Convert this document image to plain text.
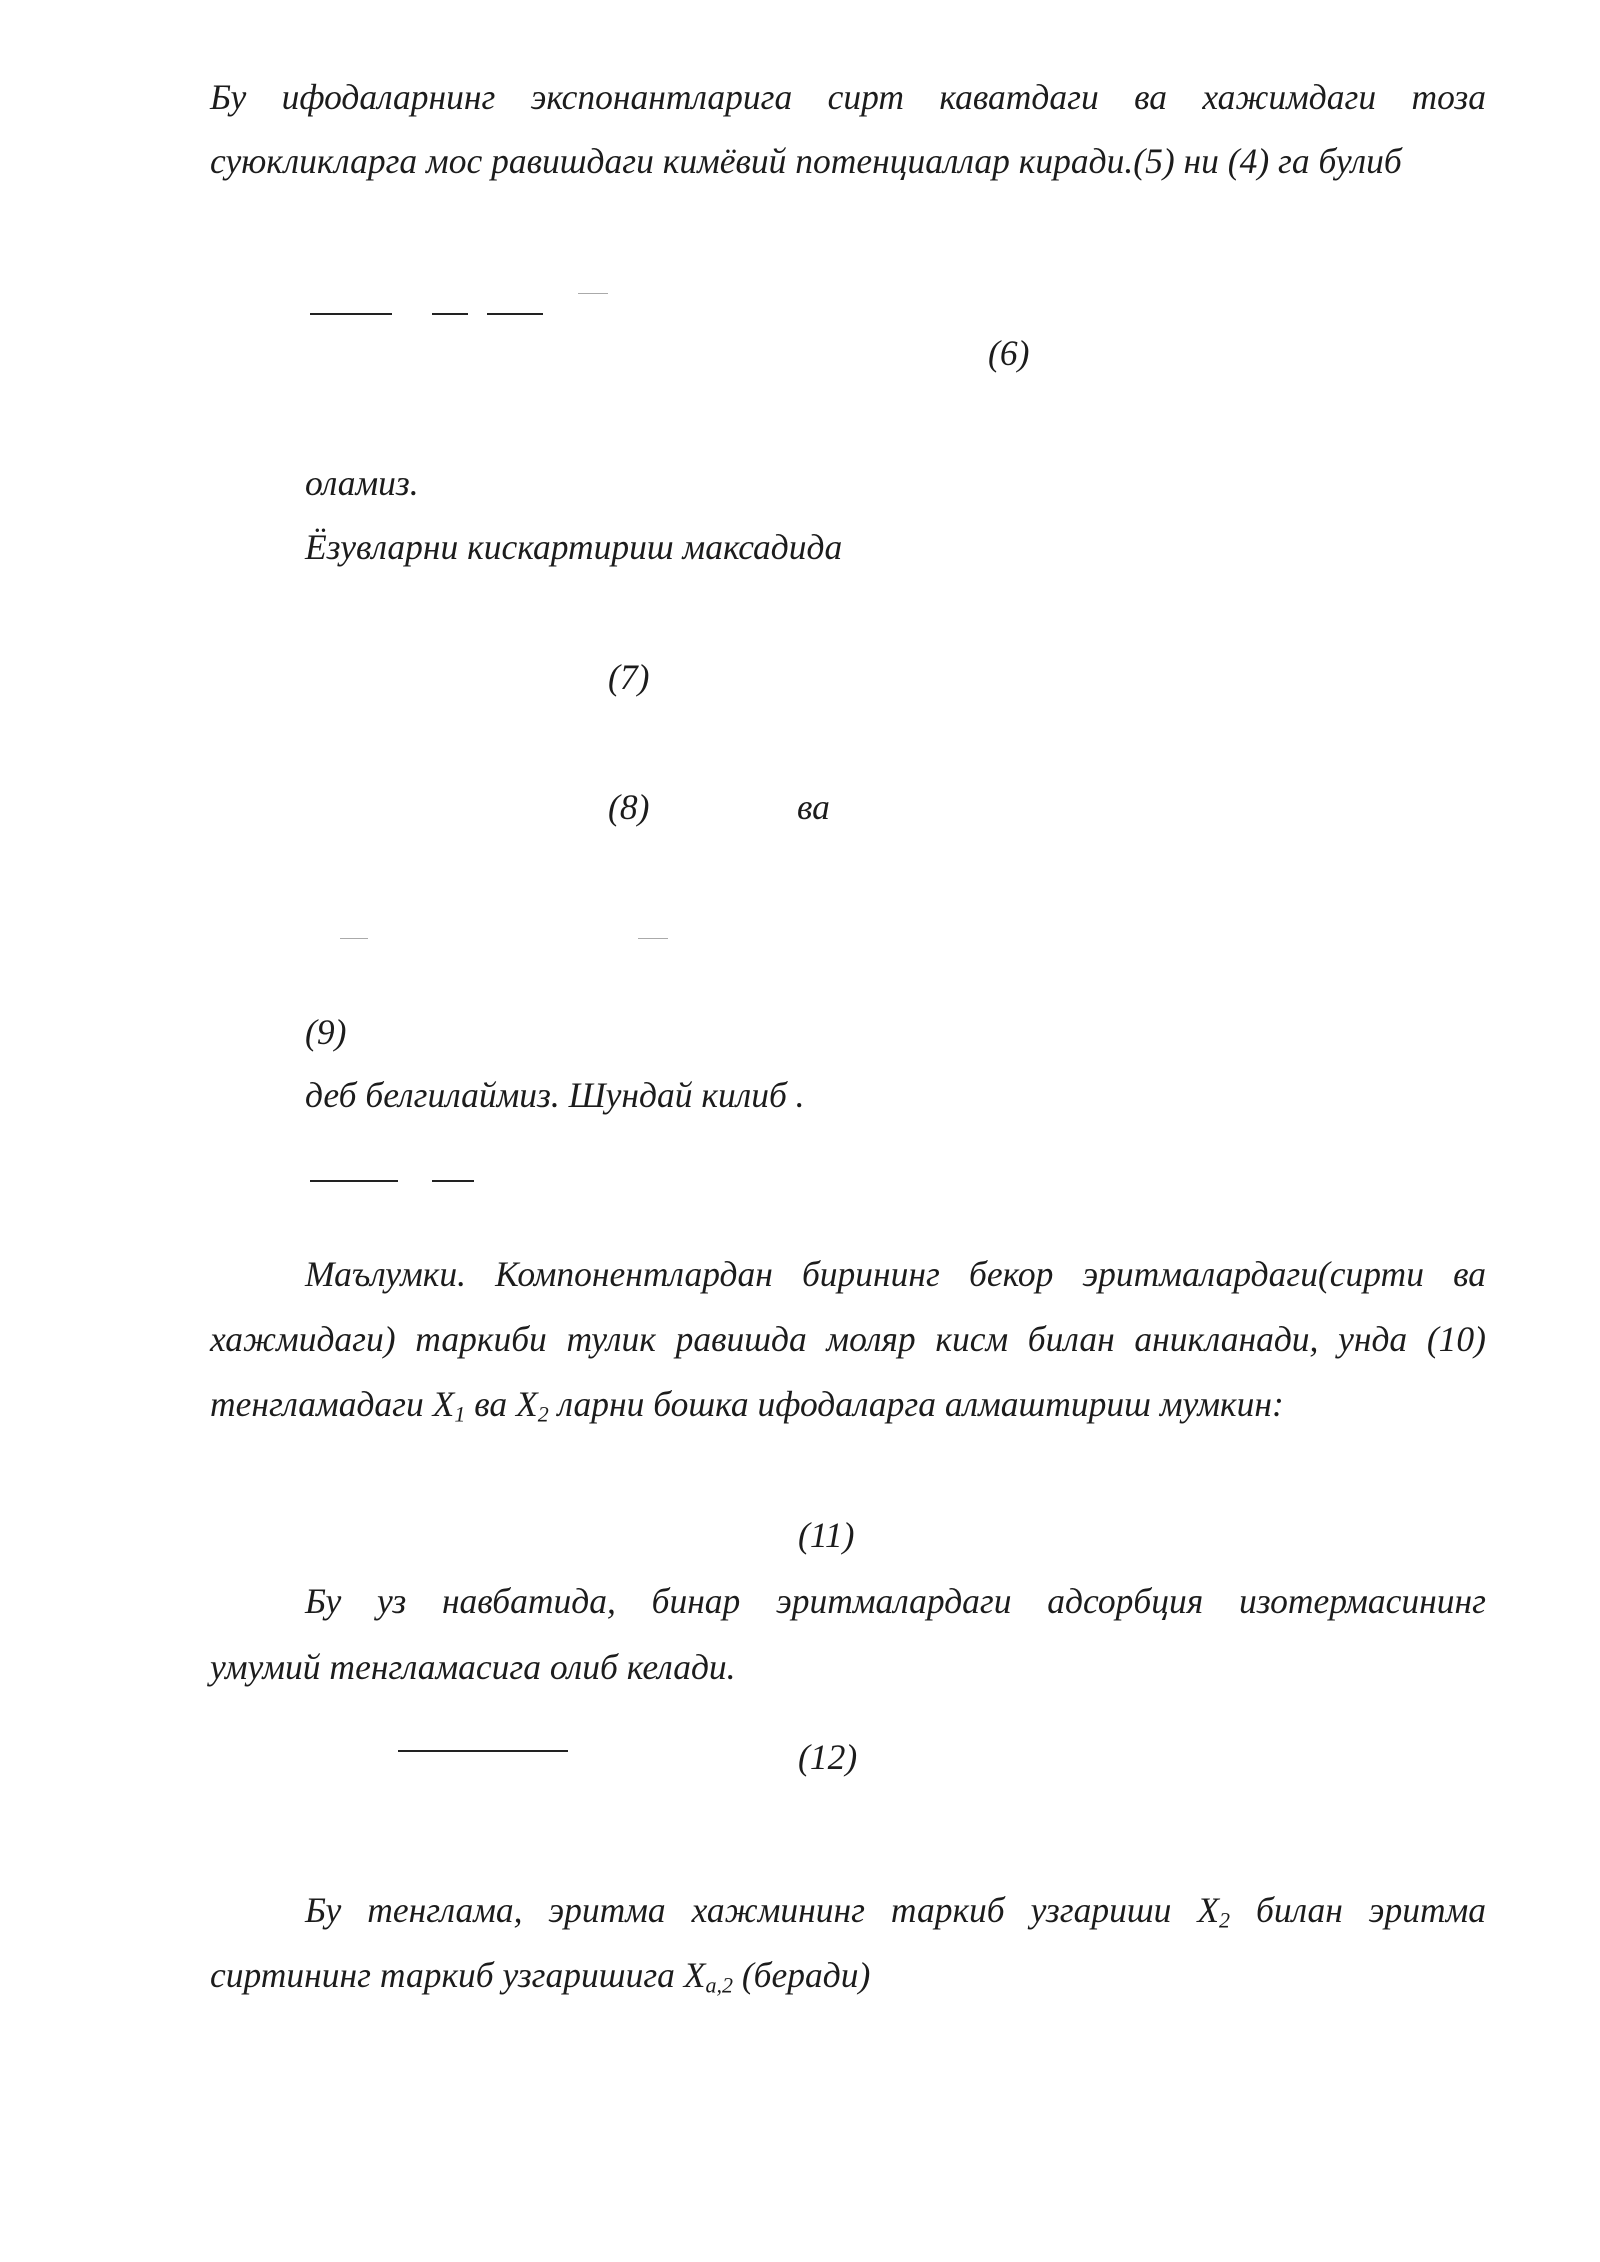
Бу ифодаларнинг экспонантларига сирт каватдаги ва хажимдаги тоза
суюкликларга мос равишдаги кимёвий потенциаллар киради.(5) ни (4) га булиб
(6)
оламиз.
Ёзувларни кискартириш максадида
(7)
(8)	ва
(9)
деб белгилаймиз. Шундай килиб .
Маълумки. Компонентлардан бирининг бекор эритмалардаги(сирти ва
хажмидаги) таркиби тулик равишда моляр кисм билан аникланади, унда (10)
тенгламадаги $X_1$ ва $X_2$ ларни бошка ифодаларга алмаштириш мумкин:
(11)
Бу уз навбатида, бинар эритмалардаги адсорбция изотермасининг
умумий тенгламасига олиб келади.
(12)
Бу тенглама, эритма хажмининг таркиб узгариши $X_2$ билан эритма
сиртининг таркиб узгаришига $X_{a,2}$ (беради)
